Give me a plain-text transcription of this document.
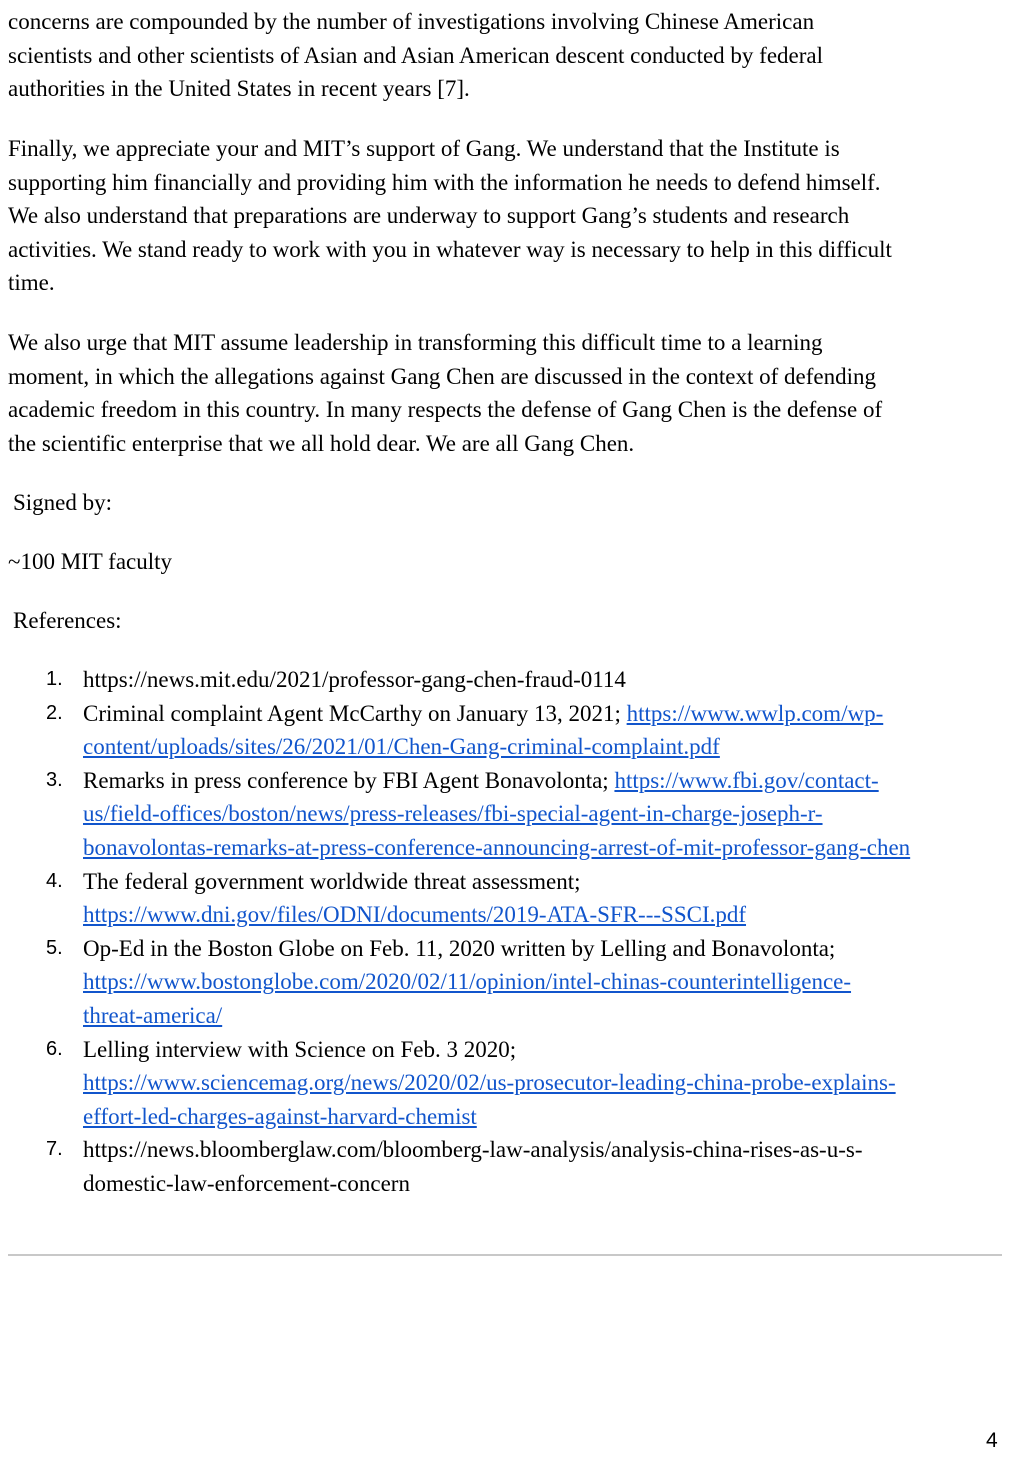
concerns are compounded by the number of investigations involving Chinese American
scientists and other scientists of Asian and Asian American descent conducted by federal
authorities in the United States in recent years [7].

Finally, we appreciate your and MIT’s support of Gang. We understand that the Institute is
supporting him financially and providing him with the information he needs to defend himself.
We also understand that preparations are underway to support Gang’s students and research
activities. We stand ready to work with you in whatever way is necessary to help in this difficult
time.

We also urge that MIT assume leadership in transforming this difficult time to a learning
moment, in which the allegations against Gang Chen are discussed in the context of defending
academic freedom in this country. In many respects the defense of Gang Chen is the defense of
the scientific enterprise that we all hold dear. We are all Gang Chen.

Signed by:
~100 MIT faculty
References:
1. https://news.mit.edu/2021/professor-gang-chen-fraud-0114
2. Criminal complaint Agent McCarthy on January 13, 2021; https://www.wwlp.com/wp-
content/uploads/sites/26/2021/01/Chen-Gang-criminal-complaint.pdf
3. Remarks in press conference by FBI Agent Bonavolonta; https://www.fbi.gov/contact-
us/field-offices/boston/news/press-releases/fbi-special-agent-in-charge-joseph-r-
bonavolontas-remarks-at-press-conference-announcing-arrest-of-mit-professor-gang-chen
4. The federal government worldwide threat assessment;
https://www.dni.gov/files/ODNI/documents/2019-ATA-SFR---SSCI.pdf
5. Op-Ed in the Boston Globe on Feb. 11, 2020 written by Lelling and Bonavolonta;
https://www.bostonglobe.com/2020/02/11/opinion/intel-chinas-counterintelligence-
threat-america/
6. Lelling interview with Science on Feb. 3 2020;
https://www.sciencemag.org/news/2020/02/us-prosecutor-leading-china-probe-explains-
effort-led-charges-against-harvard-chemist
7. https://news.bloomberglaw.com/bloomberg-law-analysis/analysis-china-rises-as-u-s-
domestic-law-enforcement-concern
4
